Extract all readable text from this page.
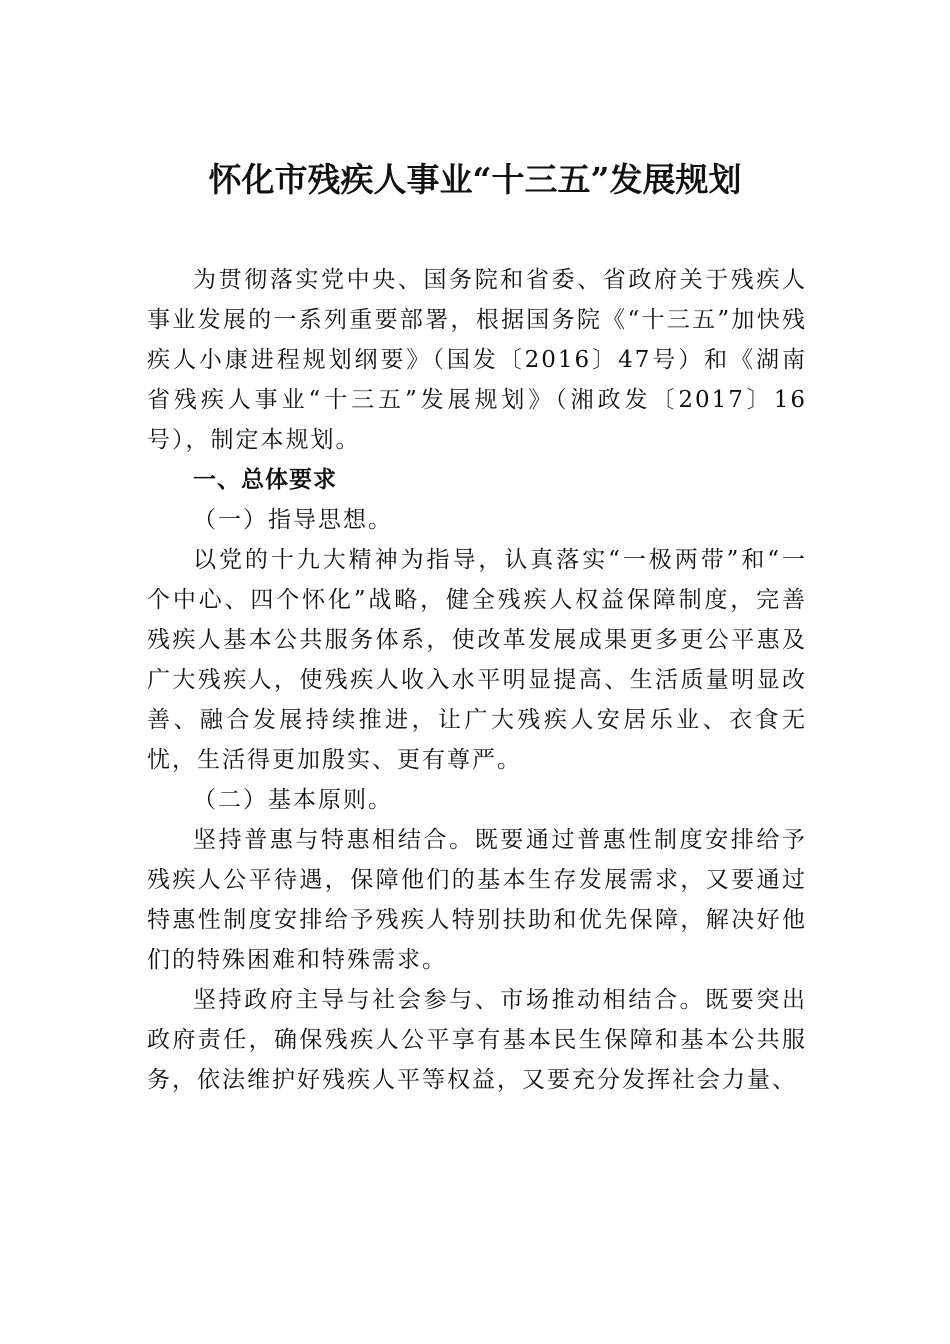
怀化市残疾人事业“十三五”发展规划

为贯彻落实党中央、国务院和省委、省政府关于残疾人事业发展的一系列重要部署，根据国务院《“十三五”加快残疾人小康进程规划纲要》（国发〔2016〕47号）和《湖南省残疾人事业“十三五”发展规划》（湘政发〔2017〕16号），制定本规划。

一、总体要求

（一）指导思想。

以党的十九大精神为指导，认真落实“一极两带”和“一个中心、四个怀化”战略，健全残疾人权益保障制度，完善残疾人基本公共服务体系，使改革发展成果更多更公平惠及广大残疾人，使残疾人收入水平明显提高、生活质量明显改善、融合发展持续推进，让广大残疾人安居乐业、衣食无忧，生活得更加殷实、更有尊严。

（二）基本原则。

坚持普惠与特惠相结合。既要通过普惠性制度安排给予残疾人公平待遇，保障他们的基本生存发展需求，又要通过特惠性制度安排给予残疾人特别扶助和优先保障，解决好他们的特殊困难和特殊需求。

坚持政府主导与社会参与、市场推动相结合。既要突出政府责任，确保残疾人公平享有基本民生保障和基本公共服务，依法维护好残疾人平等权益，又要充分发挥社会力量、
